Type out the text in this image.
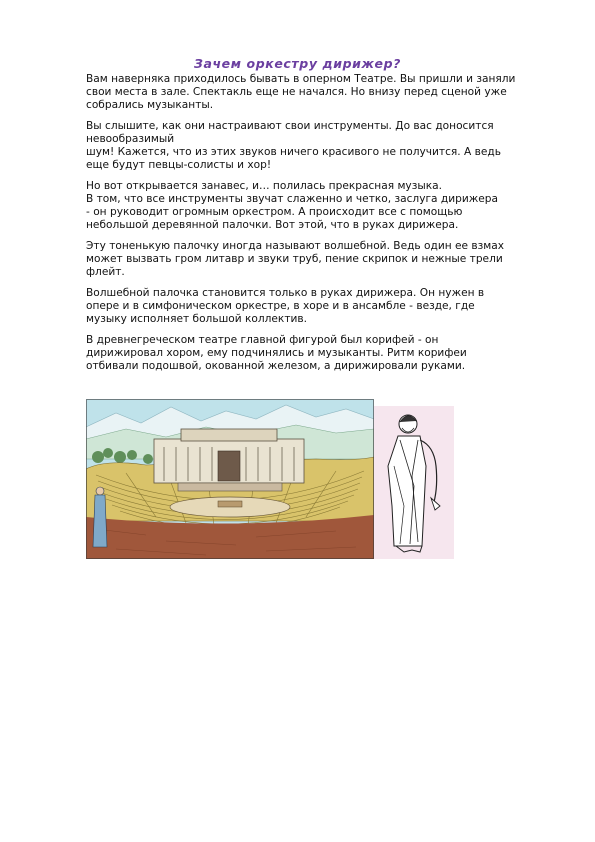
Зачем оркестру дирижер?

Вам наверняка приходилось бывать в оперном Театре. Вы пришли и заняли
свои места в зале. Спектакль еще не начался. Но внизу перед сценой уже
собрались музыканты.

Вы слышите, как они настраивают свои инструменты. До вас доносится
невообразимый
шум! Кажется, что из этих звуков ничего красивого не получится. А ведь
еще будут певцы-солисты и хор!

Но вот открывается занавес, и… полилась прекрасная музыка.
В том, что все инструменты звучат слаженно и четко, заслуга дирижера
- он руководит огромным оркестром. А происходит все с помощью
небольшой деревянной палочки. Вот этой, что в руках дирижера.

Эту тоненькую палочку иногда называют волшебной. Ведь один ее взмах
может вызвать гром литавр и звуки труб, пение скрипок и нежные трели
флейт.

Волшебной палочка становится только в руках дирижера. Он нужен в
опере и в симфоническом оркестре, в хоре и в ансамбле - везде, где
музыку исполняет большой коллектив.

В древнегреческом театре главной фигурой был корифей - он
дирижировал хором, ему подчинялись и музыканты. Ритм корифеи
отбивали подошвой, окованной железом, а дирижировали руками.
